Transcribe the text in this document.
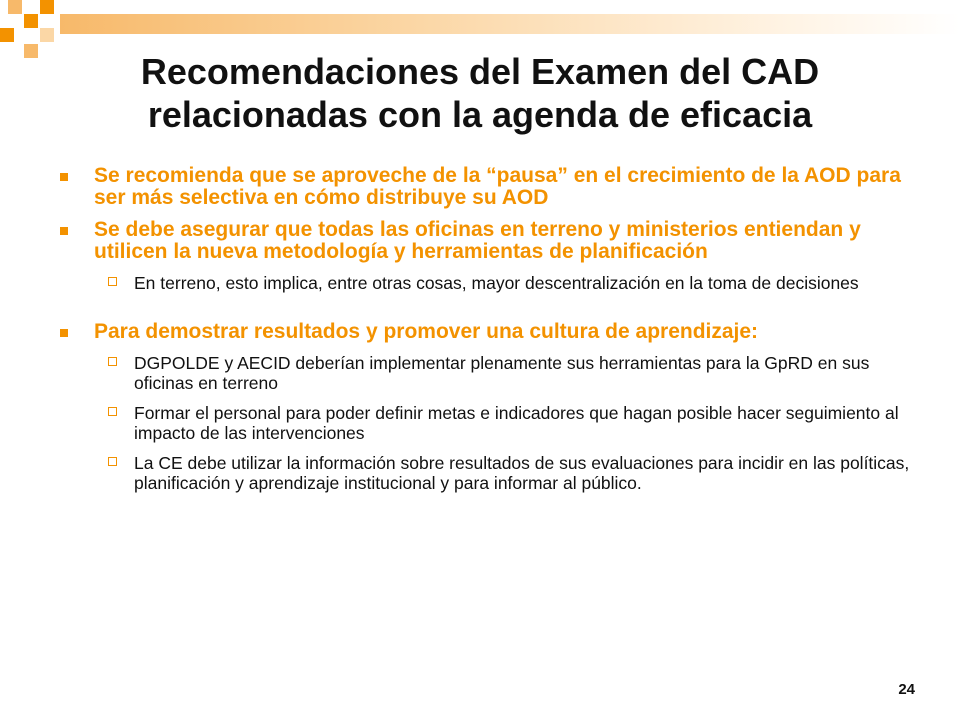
Recomendaciones del Examen del CAD
relacionadas con la agenda de eficacia
Se recomienda que se aproveche de la “pausa” en el crecimiento de la AOD para ser más selectiva en cómo distribuye su AOD
Se debe asegurar que todas las oficinas en terreno y ministerios entiendan y utilicen la nueva metodología y herramientas de planificación
En terreno, esto implica, entre otras cosas, mayor descentralización en la toma de decisiones
Para demostrar resultados y promover una cultura de aprendizaje:
DGPOLDE y AECID deberían implementar plenamente sus herramientas para la GpRD en sus oficinas en terreno
Formar el personal para poder definir metas e indicadores que hagan posible hacer seguimiento al impacto de las intervenciones
La CE debe utilizar la información sobre resultados de sus evaluaciones para incidir en las políticas, planificación y aprendizaje institucional y para informar al público.
24
